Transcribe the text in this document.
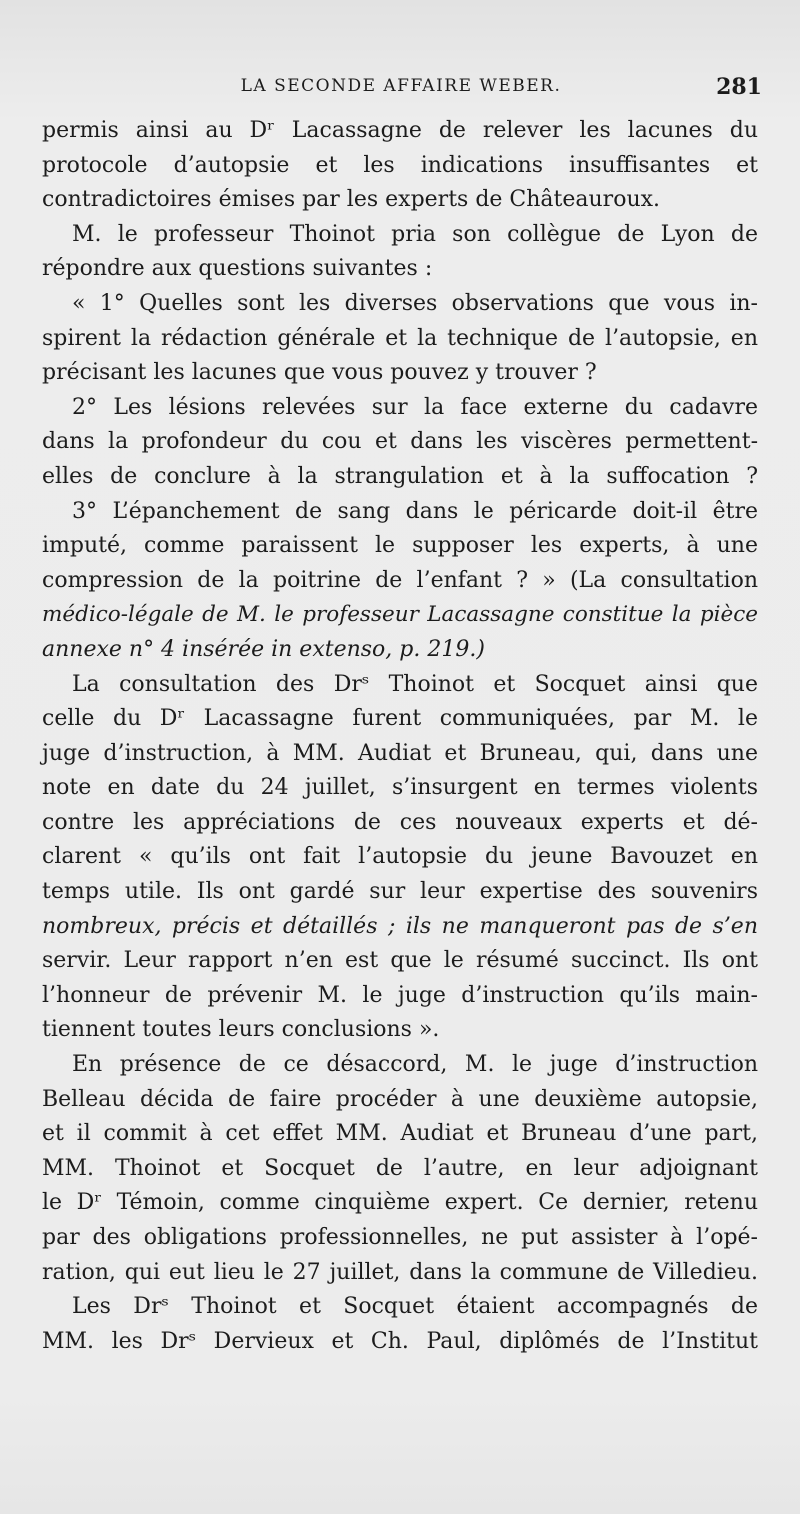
LA SECONDE AFFAIRE WEBER.	281
permis ainsi au Dʳ Lacassagne de relever les lacunes du
protocole d’autopsie et les indications insuffisantes et
contradictoires émises par les experts de Châteauroux.
M. le professeur Thoinot pria son collègue de Lyon de
répondre aux questions suivantes :
« 1° Quelles sont les diverses observations que vous in-
spirent la rédaction générale et la technique de l’autopsie, en
précisant les lacunes que vous pouvez y trouver ?
2° Les lésions relevées sur la face externe du cadavre
dans la profondeur du cou et dans les viscères permettent-
elles de conclure à la strangulation et à la suffocation ?
3° L’épanchement de sang dans le péricarde doit-il être
imputé, comme paraissent le supposer les experts, à une
compression de la poitrine de l’enfant ? » (La consultation
médico-légale de M. le professeur Lacassagne constitue la pièce
annexe n° 4 insérée in extenso, p. 219.)
La consultation des Drˢ Thoinot et Socquet ainsi que
celle du Dʳ Lacassagne furent communiquées, par M. le
juge d’instruction, à MM. Audiat et Bruneau, qui, dans une
note en date du 24 juillet, s’insurgent en termes violents
contre les appréciations de ces nouveaux experts et dé-
clarent « qu’ils ont fait l’autopsie du jeune Bavouzet en
temps utile. Ils ont gardé sur leur expertise des souvenirs
nombreux, précis et détaillés ; ils ne manqueront pas de s’en
servir. Leur rapport n’en est que le résumé succinct. Ils ont
l’honneur de prévenir M. le juge d’instruction qu’ils main-
tiennent toutes leurs conclusions ».
En présence de ce désaccord, M. le juge d’instruction
Belleau décida de faire procéder à une deuxième autopsie,
et il commit à cet effet MM. Audiat et Bruneau d’une part,
MM. Thoinot et Socquet de l’autre, en leur adjoignant
le Dʳ Témoin, comme cinquième expert. Ce dernier, retenu
par des obligations professionnelles, ne put assister à l’opé-
ration, qui eut lieu le 27 juillet, dans la commune de Villedieu.
Les Drˢ Thoinot et Socquet étaient accompagnés de
MM. les Drˢ Dervieux et Ch. Paul, diplômés de l’Institut
